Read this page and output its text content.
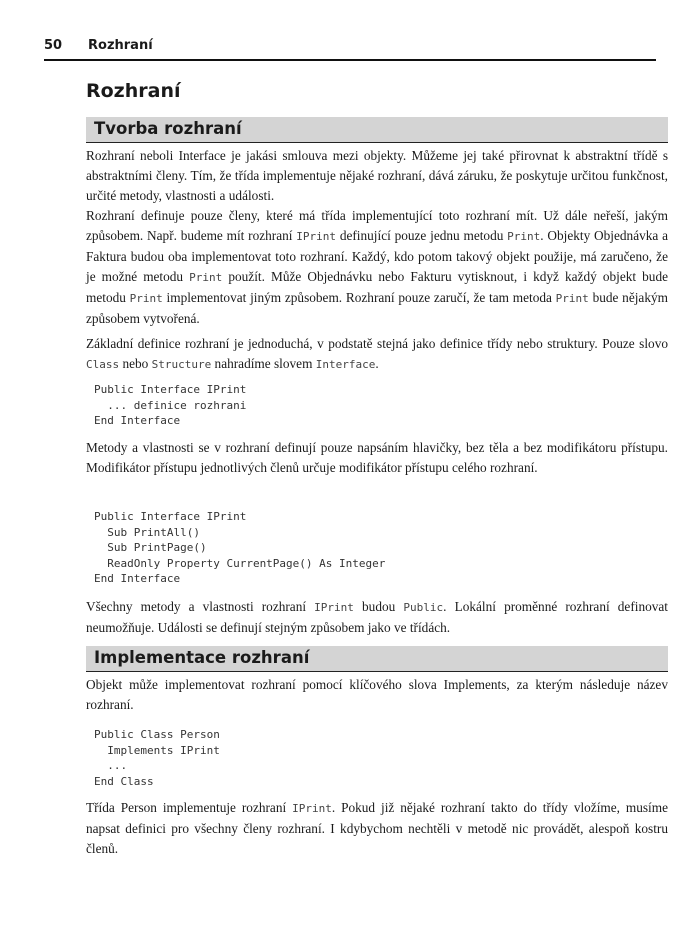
50 Rozhraní
Rozhraní
Tvorba rozhraní

Rozhraní neboli Interface je jakási smlouva mezi objekty. Můžeme jej také přirovnat k abstraktní třídě s abstraktními členy. Tím, že třída implementuje nějaké rozhraní, dává záruku, že poskytuje určitou funkčnost, určité metody, vlastnosti a události.

Rozhraní definuje pouze členy, které má třída implementující toto rozhraní mít. Už dále neřeší, jakým způsobem. Např. budeme mít rozhraní IPrint definující pouze jednu metodu Print. Objekty Objednávka a Faktura budou oba implementovat toto rozhraní. Každý, kdo potom takový objekt použije, má zaručeno, že je možné metodu Print použít. Může Objednávku nebo Fakturu vytisknout, i když každý objekt bude metodu Print implementovat jiným způsobem. Rozhraní pouze zaručí, že tam metoda Print bude nějakým způsobem vytvořená.

Základní definice rozhraní je jednoduchá, v podstatě stejná jako definice třídy nebo struktury. Pouze slovo Class nebo Structure nahradíme slovem Interface.

Public Interface IPrint
... definice rozhrani
End Interface

Metody a vlastnosti se v rozhraní definují pouze napsáním hlavičky, bez těla a bez modifikátoru přístupu. Modifikátor přístupu jednotlivých členů určuje modifikátor přístupu celého rozhraní.

Public Interface IPrint
Sub PrintAll()
Sub PrintPage()
ReadOnly Property CurrentPage() As Integer
End Interface

Všechny metody a vlastnosti rozhraní IPrint budou Public. Lokální proměnné rozhraní definovat neumožňuje. Události se definují stejným způsobem jako ve třídách.

Implementace rozhraní

Objekt může implementovat rozhraní pomocí klíčového slova Implements, za kterým následuje název rozhraní.

Public Class Person
Implements IPrint
...
End Class

Třída Person implementuje rozhraní IPrint. Pokud již nějaké rozhraní takto do třídy vložíme, musíme napsat definici pro všechny členy rozhraní. I kdybychom nechtěli v metodě nic provádět, alespoň kostru členů.
